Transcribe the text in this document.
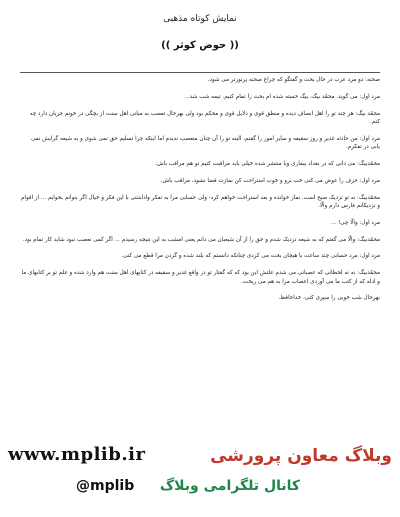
نمایش کوتاه مذهبی
(( حوض کوثر ))

صحنه: دو مرد عرب در حال بحث و گفتگو که چراغ صحنه پرنورتر می شود.

مرد اول: می گوید. محمّد بیگ، بیگ خسته شده ام بحث را تمام کنیم. تیمه شب شد...

محمّد بیگ: هر چند تو را اهل انصاف دیده و منطق قوی و دلایل قوی و محکم بود ولی بهرحال تعصب به مبانی اهل سنت از بچگی در خونم جریان دارد چه کنم.

مرد اول: من حادثه غدیر و روز سقیفه و سایر امور را گفتم، البته تو را آن چنان متعصب ندیدم اما اینکه چرا تسلیم حق نمی شوی و به شیعه گرایش نمی یابی در تفکرم.

محمّدبیگ: می دانی که در بغداد بیماری وبا منتشر شده خیلی باید مراقبت کنیم تو هم مراقب باش.

مرد اول: حرف را عوض می کنی خب برو و خوب استراحت کن نمازت قضا نشود، مراقب باش.

محمّدبیگ: نه تو نزدیک صبح است. نماز خوانده و بعد استراحت خواهم کرد- ولی حسابی مرا به تفکر واداشتی با این فکر و خیال اگر بتوانم بخوابم ... از اقوام و نزدیکانم فارس دارم والّا.

مرد اول: والّا چی! ...

محمّدبیگ: والّا می گفتم که به شیعه نزدیک شدم و حق را از آن شیعیان می دانم یعنی امشب به این نتیجه رسیدم ... اگر کمی تعصب نبود شاید کار تمام بود.

مرد اول: مرد حسابی چند ساعت با هیجان بحث می کردی چنانکه دانستم که بلند شده و گردن مرا قطع می کنی.

محمّدبیگ: نه نه لحظاتی که عصبانی می شدم علتش این بود که که گفتار تو در واقع غدیر و سقیفه در کتابهای اهل سنت هم وارد شده و علم تو بر کتابهای ما و ادله که از کتب ما می آوردی اعصاب مرا به هم می ریخت.

بهرحال شب خوبی را سپری کنی، خداحافظ.

www.mplib.ir	وبلاگ معاون پرورشی
کانال تلگرامی وبلاگ
@mplib
